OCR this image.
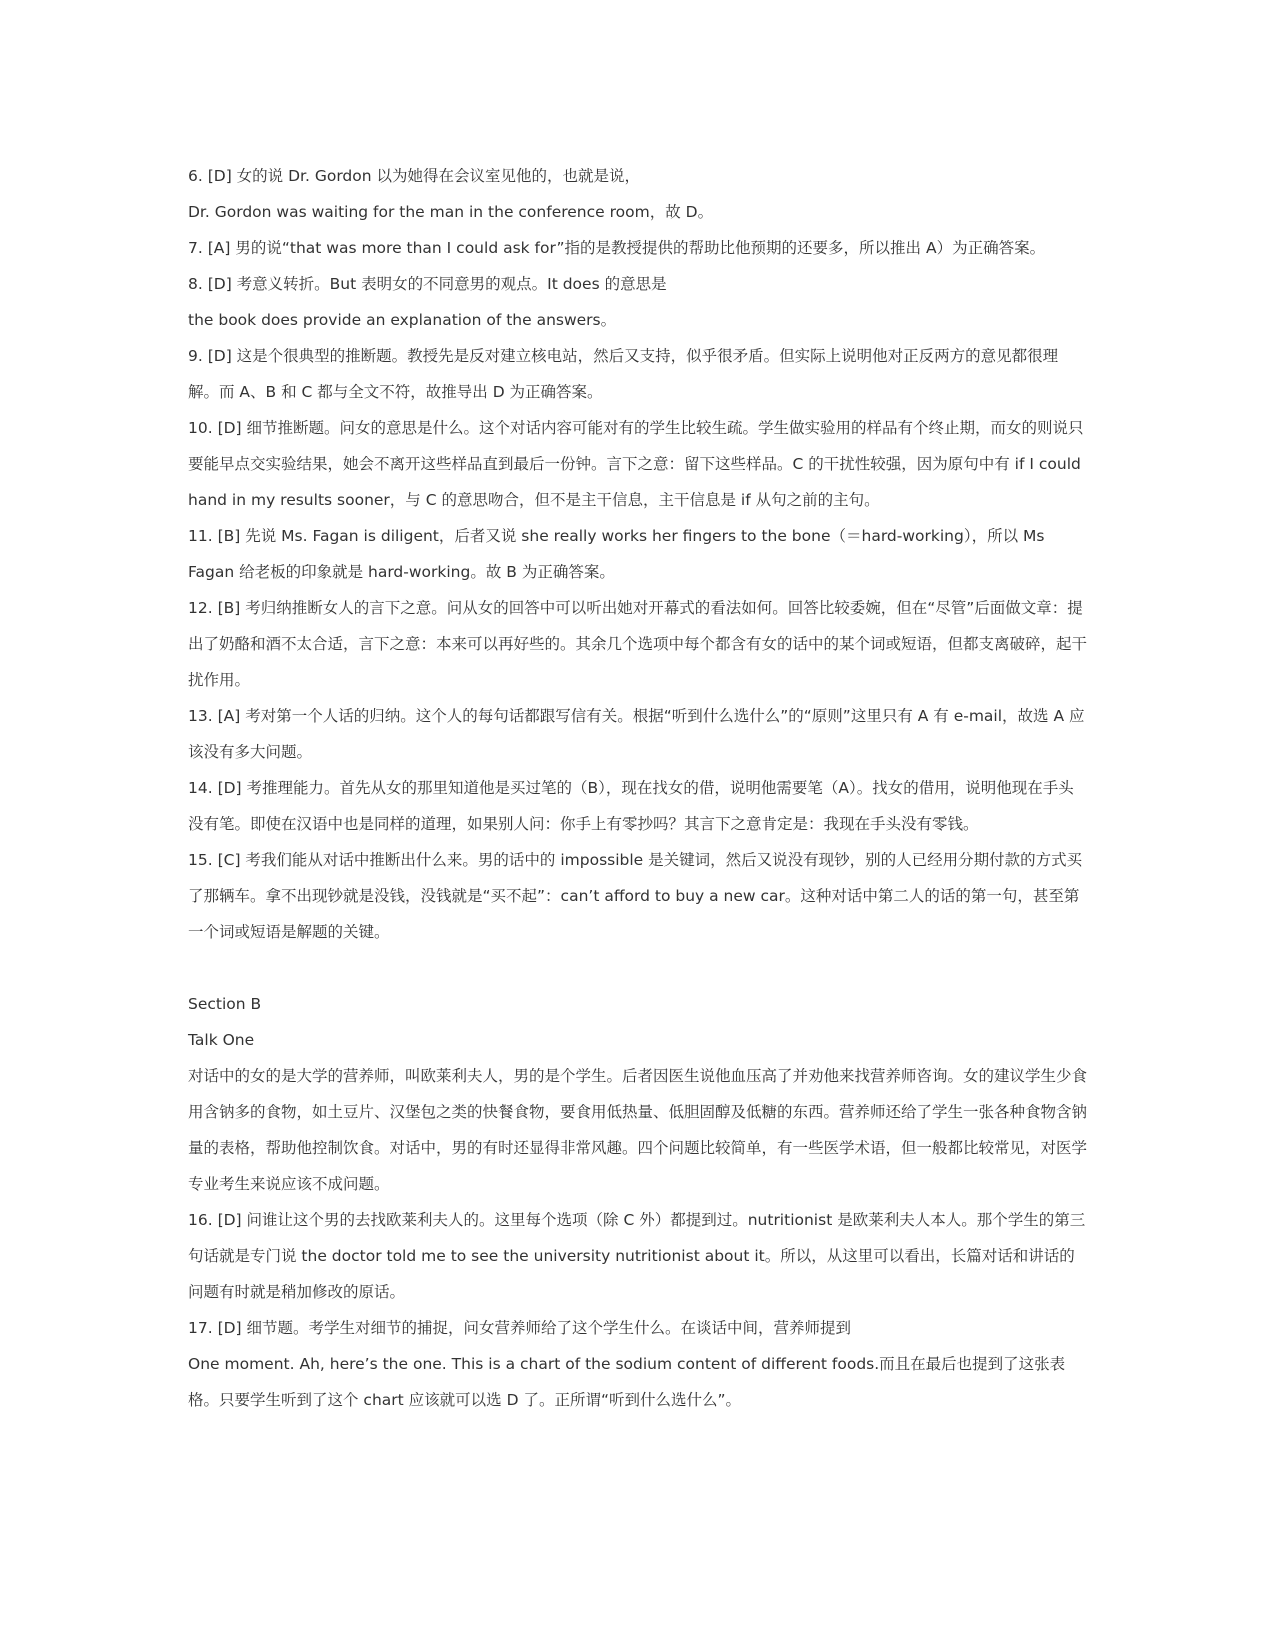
6. [D] 女的说 Dr. Gordon 以为她得在会议室见他的，也就是说，

Dr. Gordon was waiting for the man in the conference room，故 D。

7. [A] 男的说“that was more than I could ask for”指的是教授提供的帮助比他预期的还要多，所以推出 A）为正确答案。

8. [D] 考意义转折。But 表明女的不同意男的观点。It does 的意思是

the book does provide an explanation of the answers。

9. [D] 这是个很典型的推断题。教授先是反对建立核电站，然后又支持，似乎很矛盾。但实际上说明他对正反两方的意见都很理解。而 A、B 和 C 都与全文不符，故推导出 D 为正确答案。

10. [D] 细节推断题。问女的意思是什么。这个对话内容可能对有的学生比较生疏。学生做实验用的样品有个终止期，而女的则说只要能早点交实验结果，她会不离开这些样品直到最后一份钟。言下之意：留下这些样品。C 的干扰性较强，因为原句中有 if I could hand in my results sooner，与 C 的意思吻合，但不是主干信息，主干信息是 if 从句之前的主句。

11. [B] 先说 Ms. Fagan is diligent，后者又说 she really works her fingers to the bone（＝hard-working），所以 Ms Fagan 给老板的印象就是 hard-working。故 B 为正确答案。

12. [B] 考归纳推断女人的言下之意。问从女的回答中可以听出她对开幕式的看法如何。回答比较委婉，但在“尽管”后面做文章：提出了奶酪和酒不太合适，言下之意：本来可以再好些的。其余几个选项中每个都含有女的话中的某个词或短语，但都支离破碎，起干扰作用。

13. [A] 考对第一个人话的归纳。这个人的每句话都跟写信有关。根据“听到什么选什么”的“原则”这里只有 A 有 e-mail，故选 A 应该没有多大问题。

14. [D] 考推理能力。首先从女的那里知道他是买过笔的（B），现在找女的借，说明他需要笔（A）。找女的借用，说明他现在手头没有笔。即使在汉语中也是同样的道理，如果别人问：你手上有零抄吗？其言下之意肯定是：我现在手头没有零钱。

15. [C] 考我们能从对话中推断出什么来。男的话中的 impossible 是关键词，然后又说没有现钞，别的人已经用分期付款的方式买了那辆车。拿不出现钞就是没钱，没钱就是“买不起”：can’t afford to buy a new car。这种对话中第二人的话的第一句，甚至第一个词或短语是解题的关键。

Section B

Talk One

对话中的女的是大学的营养师，叫欧莱利夫人，男的是个学生。后者因医生说他血压高了并劝他来找营养师咨询。女的建议学生少食用含钠多的食物，如土豆片、汉堡包之类的快餐食物，要食用低热量、低胆固醇及低糖的东西。营养师还给了学生一张各种食物含钠量的表格，帮助他控制饮食。对话中，男的有时还显得非常风趣。四个问题比较简单，有一些医学术语，但一般都比较常见，对医学专业考生来说应该不成问题。

16. [D] 问谁让这个男的去找欧莱利夫人的。这里每个选项（除 C 外）都提到过。nutritionist 是欧莱利夫人本人。那个学生的第三句话就是专门说 the doctor told me to see the university nutritionist about it。所以，从这里可以看出，长篇对话和讲话的问题有时就是稍加修改的原话。

17. [D] 细节题。考学生对细节的捕捉，问女营养师给了这个学生什么。在谈话中间，营养师提到

One moment. Ah, here’s the one. This is a chart of the sodium content of different foods.而且在最后也提到了这张表格。只要学生听到了这个 chart 应该就可以选 D 了。正所谓“听到什么选什么”。
